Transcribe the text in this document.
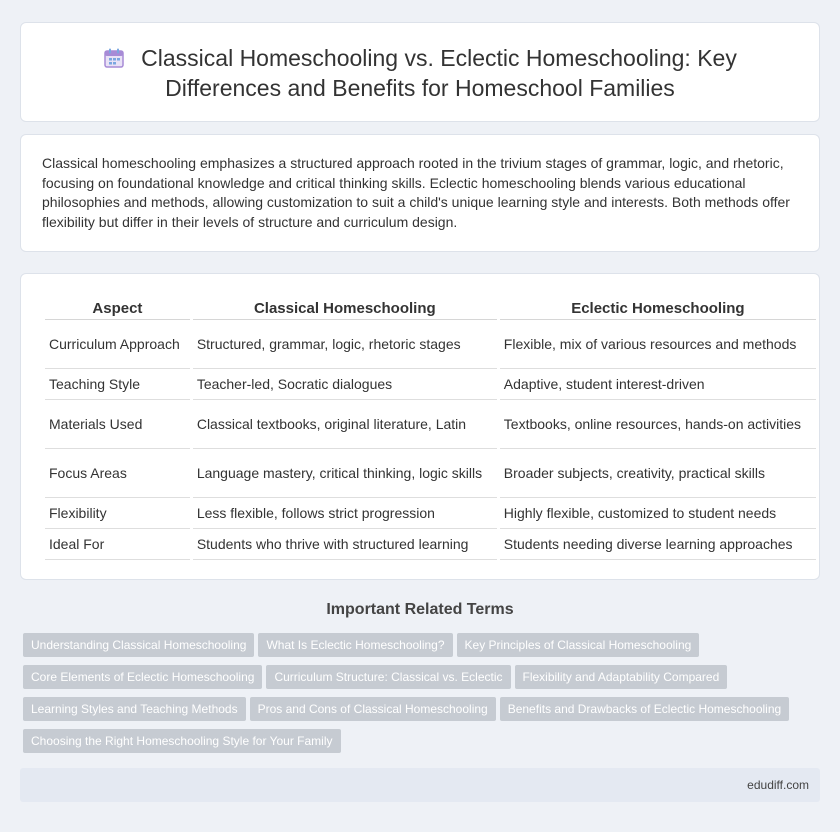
Classical Homeschooling vs. Eclectic Homeschooling: Key
Differences and Benefits for Homeschool Families

Classical homeschooling emphasizes a structured approach rooted in the trivium stages of grammar, logic, and rhetoric, focusing on foundational knowledge and critical thinking skills. Eclectic homeschooling blends various educational philosophies and methods, allowing customization to suit a child's unique learning style and interests. Both methods offer flexibility but differ in their levels of structure and curriculum design.

Aspect	Classical Homeschooling	Eclectic Homeschooling
Curriculum Approach	Structured, grammar, logic, rhetoric stages	Flexible, mix of various resources and methods
Teaching Style	Teacher-led, Socratic dialogues	Adaptive, student interest-driven
Materials Used	Classical textbooks, original literature, Latin	Textbooks, online resources, hands-on activities
Focus Areas	Language mastery, critical thinking, logic skills	Broader subjects, creativity, practical skills
Flexibility	Less flexible, follows strict progression	Highly flexible, customized to student needs
Ideal For	Students who thrive with structured learning	Students needing diverse learning approaches
Important Related Terms
Understanding Classical Homeschooling What Is Eclectic Homeschooling? Key Principles of Classical Homeschooling
Core Elements of Eclectic Homeschooling Curriculum Structure: Classical vs. Eclectic Flexibility and Adaptability Compared
Learning Styles and Teaching Methods Pros and Cons of Classical Homeschooling Benefits and Drawbacks of Eclectic Homeschooling
Choosing the Right Homeschooling Style for Your Family
edudiff.com
